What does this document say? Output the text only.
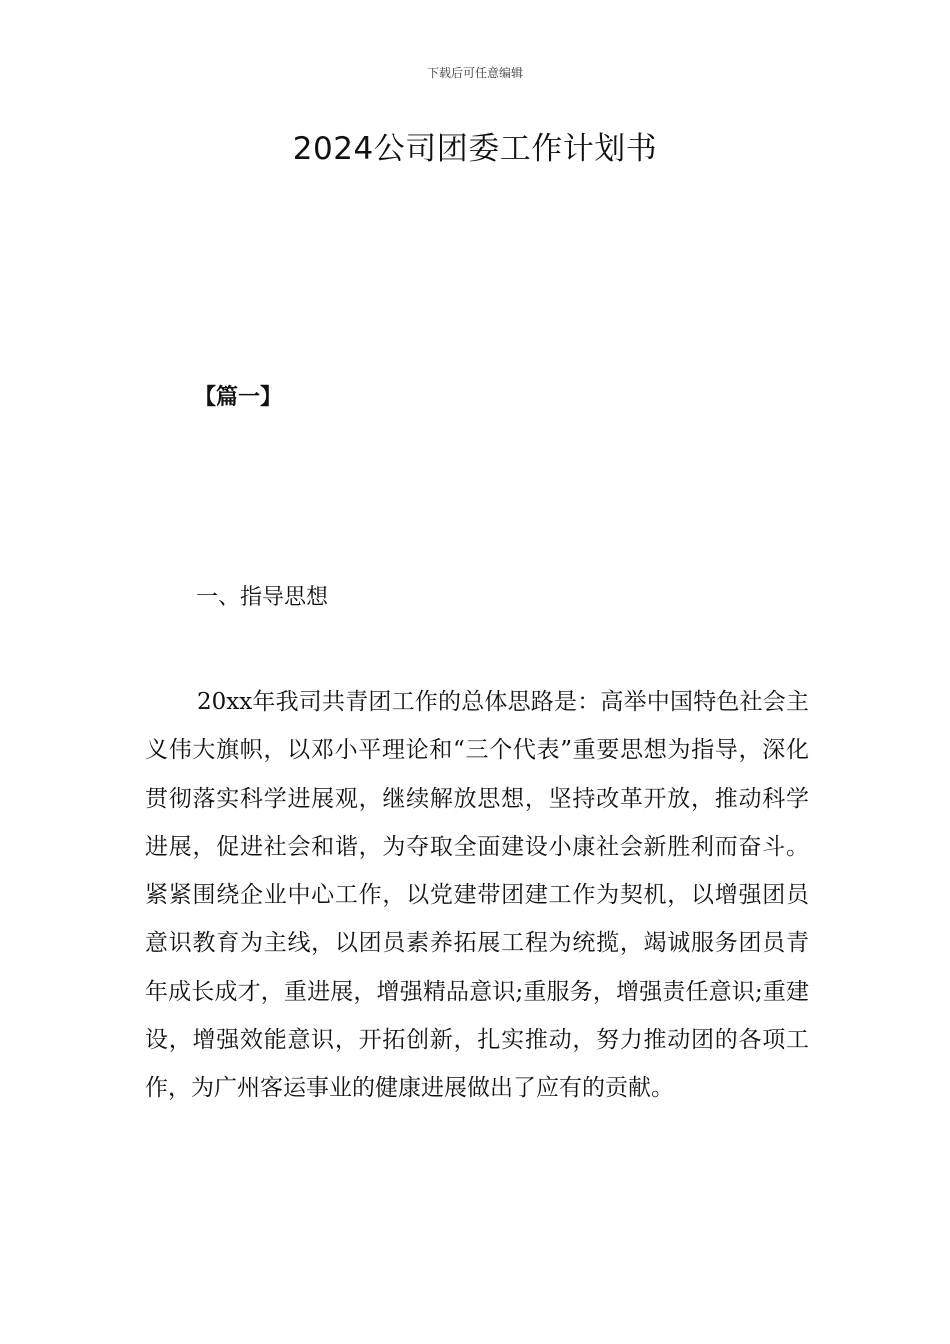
下载后可任意编辑
2024公司团委工作计划书
【篇一】
一、指导思想

20xx年我司共青团工作的总体思路是：高举中国特色社会主义伟大旗帜，以邓小平理论和“三个代表”重要思想为指导，深化贯彻落实科学进展观，继续解放思想，坚持改革开放，推动科学进展，促进社会和谐，为夺取全面建设小康社会新胜利而奋斗。紧紧围绕企业中心工作，以党建带团建工作为契机，以增强团员意识教育为主线，以团员素养拓展工程为统揽，竭诚服务团员青年成长成才，重进展，增强精品意识;重服务，增强责任意识;重建设，增强效能意识，开拓创新，扎实推动，努力推动团的各项工作，为广州客运事业的健康进展做出了应有的贡献。
